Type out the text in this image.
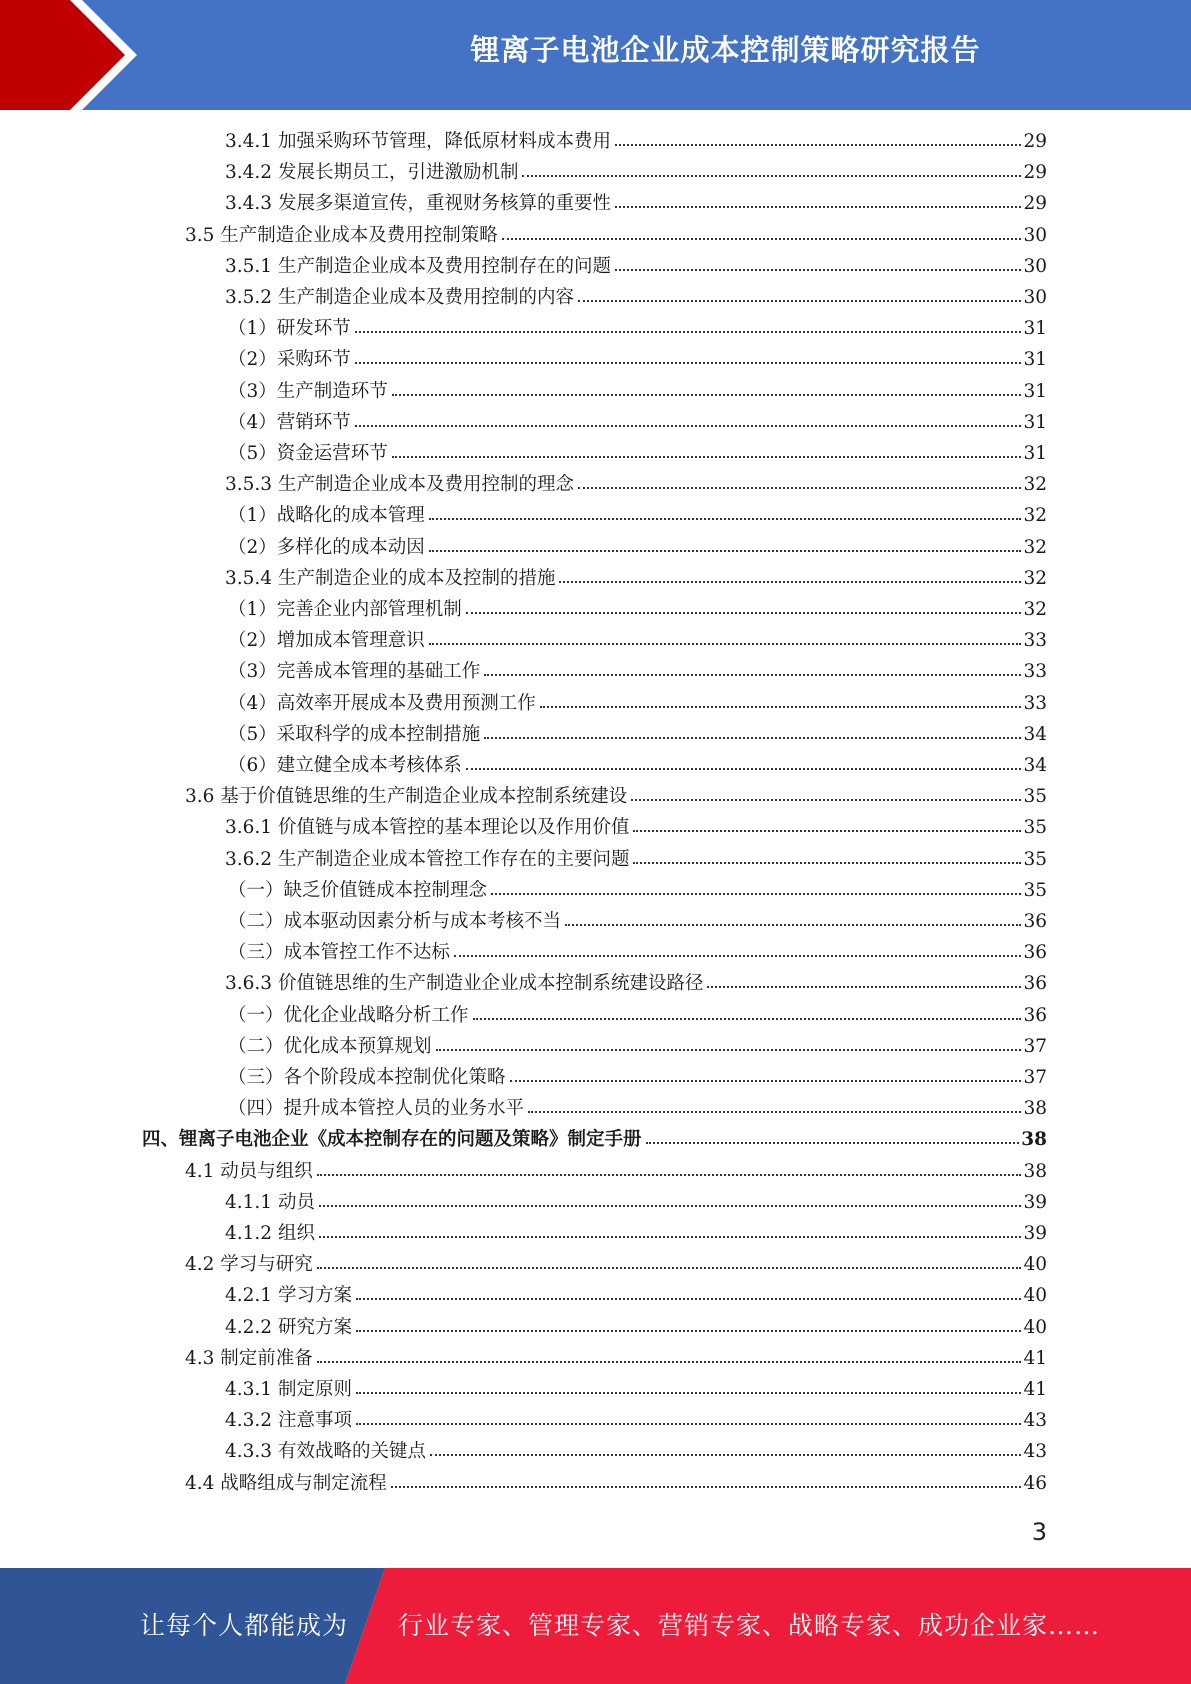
锂离子电池企业成本控制策略研究报告
3.4.1 加强采购环节管理，降低原材料成本费用	29
3.4.2 发展长期员工，引进激励机制	29
3.4.3 发展多渠道宣传，重视财务核算的重要性	29
3.5 生产制造企业成本及费用控制策略	30
3.5.1 生产制造企业成本及费用控制存在的问题	30
3.5.2 生产制造企业成本及费用控制的内容	30
（1）研发环节	31
（2）采购环节	31
（3）生产制造环节	31
（4）营销环节	31
（5）资金运营环节	31
3.5.3 生产制造企业成本及费用控制的理念	32
（1）战略化的成本管理	32
（2）多样化的成本动因	32
3.5.4 生产制造企业的成本及控制的措施	32
（1）完善企业内部管理机制	32
（2）增加成本管理意识	33
（3）完善成本管理的基础工作	33
（4）高效率开展成本及费用预测工作	33
（5）采取科学的成本控制措施	34
（6）建立健全成本考核体系	34
3.6 基于价值链思维的生产制造企业成本控制系统建设	35
3.6.1 价值链与成本管控的基本理论以及作用价值	35
3.6.2 生产制造企业成本管控工作存在的主要问题	35
（一）缺乏价值链成本控制理念	35
（二）成本驱动因素分析与成本考核不当	36
（三）成本管控工作不达标	36
3.6.3 价值链思维的生产制造业企业成本控制系统建设路径	36
（一）优化企业战略分析工作	36
（二）优化成本预算规划	37
（三）各个阶段成本控制优化策略	37
（四）提升成本管控人员的业务水平	38
四、锂离子电池企业《成本控制存在的问题及策略》制定手册	38
4.1 动员与组织	38
4.1.1 动员	39
4.1.2 组织	39
4.2 学习与研究	40
4.2.1 学习方案	40
4.2.2 研究方案	40
4.3 制定前准备	41
4.3.1 制定原则	41
4.3.2 注意事项	43
4.3.3 有效战略的关键点	43
4.4 战略组成与制定流程	46
3
让每个人都能成为 行业专家、管理专家、营销专家、战略专家、成功企业家……
